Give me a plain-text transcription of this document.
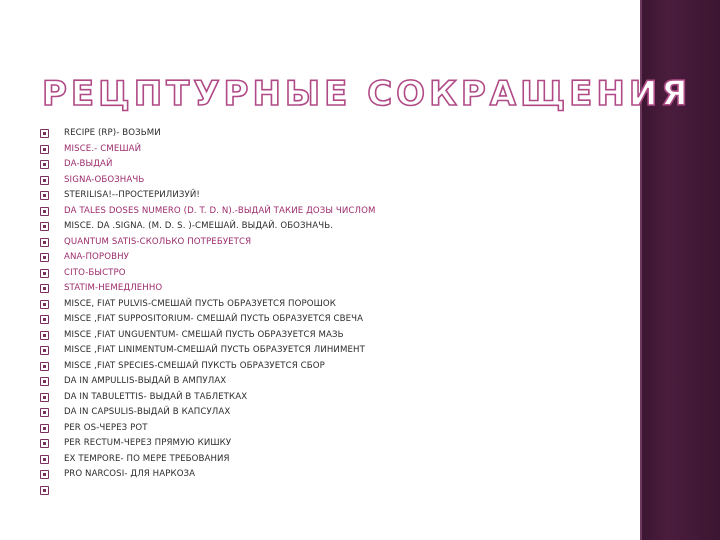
РЕЦПТУРНЫЕ СОКРАЩЕНИЯ
RECIPE (RP)- ВОЗЬМИ
MISCE.- СМЕШАЙ
DA-ВЫДАЙ
SIGNA-ОБОЗНАЧЬ
STERILISA!--ПРОСТЕРИЛИЗУЙ!
DA TALES DOSES NUMERO (D. T. D. N).-ВЫДАЙ ТАКИЕ ДОЗЫ ЧИСЛОМ
MISCE. DA .SIGNA. (M. D. S. )-СМЕШАЙ. ВЫДАЙ. ОБОЗНАЧЬ.
QUANTUM SATIS-СКОЛЬКО ПОТРЕБУЕТСЯ
ANA-ПОРОВНУ
CITO-БЫСТРО
STATIM-НЕМЕДЛЕННО
MISCE, FIAT PULVIS-СМЕШАЙ ПУСТЬ ОБРАЗУЕТСЯ ПОРОШОК
MISCE ,FIAT SUPPOSITORIUM- СМЕШАЙ ПУСТЬ ОБРАЗУЕТСЯ СВЕЧА
MISCE ,FIAT UNGUENTUM- СМЕШАЙ ПУСТЬ ОБРАЗУЕТСЯ МАЗЬ
MISCE ,FIAT LINIMENTUM-СМЕШАЙ ПУСТЬ ОБРАЗУЕТСЯ ЛИНИМЕНТ
MISCE ,FIAT SPECIES-СМЕШАЙ ПУКСТЬ ОБРАЗУЕТСЯ СБОР
DA IN AMPULLIS-ВЫДАЙ В АМПУЛАХ
DA IN TABULETTIS- ВЫДАЙ В ТАБЛЕТКАХ
DA IN CAPSULIS-ВЫДАЙ В КАПСУЛАХ
PER OS-ЧЕРЕЗ РОТ
PER RECTUM-ЧЕРЕЗ ПРЯМУЮ КИШКУ
EX TEMPORE- ПО МЕРЕ ТРЕБОВАНИЯ
PRO NARCOSI- ДЛЯ НАРКОЗА
